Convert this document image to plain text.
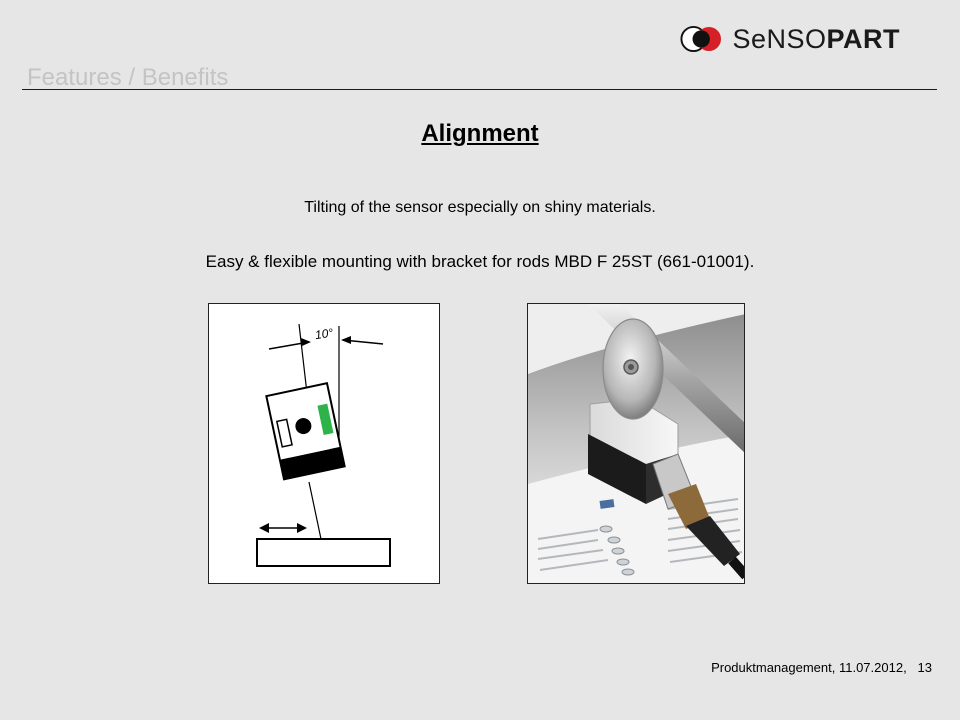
Features / Benefits
SeNSOPART
Alignment
Tilting of the sensor especially on shiny materials.
Easy & flexible mounting with bracket for rods MBD F 25ST (661-01001).
10°
Produktmanagement, 11.07.2012, 13
